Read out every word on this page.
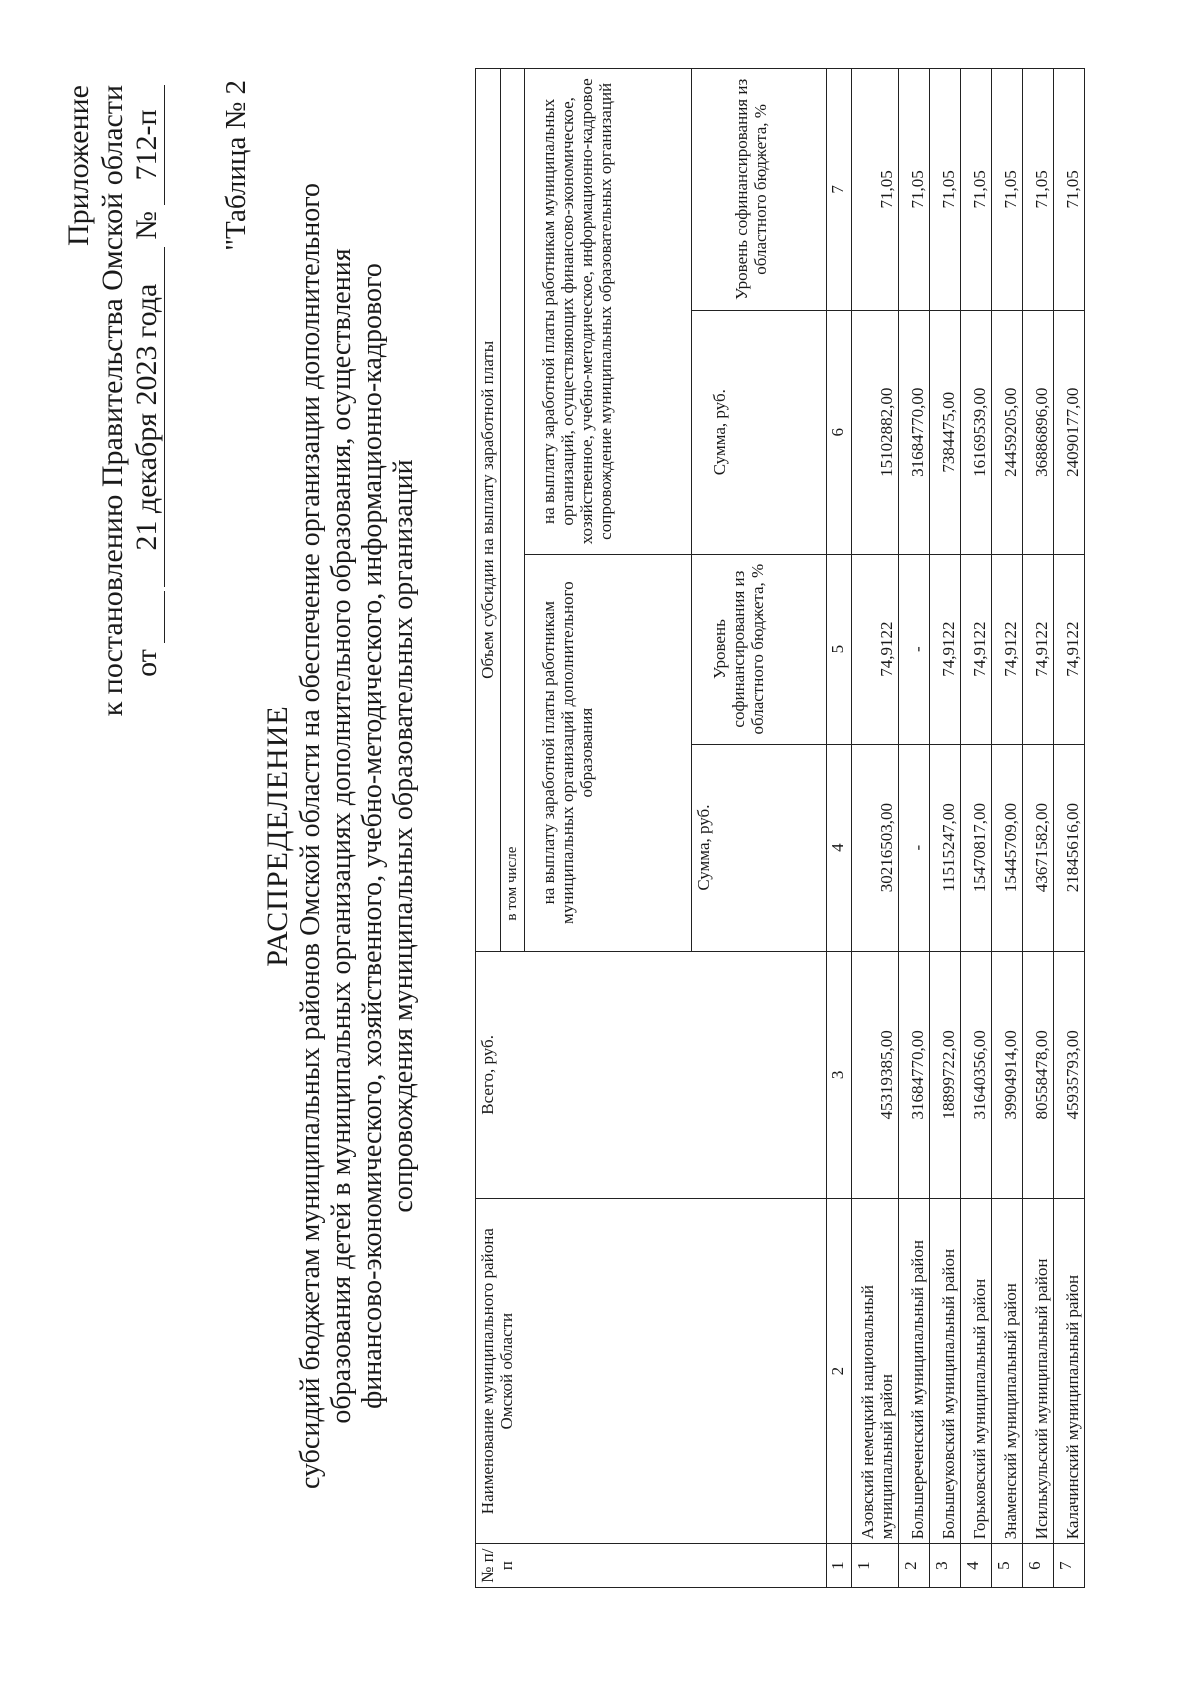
Приложение к постановлению Правительства Омской области от 21 декабря 2023 года №712-п "Таблица № 2
РАСПРЕДЕЛЕНИЕ субсидий бюджетам муниципальных районов Омской области на обеспечение организации дополнительного образования детей в муниципальных организациях дополнительного образования, осуществления финансово-экономического, хозяйственного, учебно-методического, информационно-кадрового сопровождения муниципальных образовательных организаций
№ п/п	Наименование муниципального района Омской области	Всего, руб.	Объем субсидии на выплату заработной платы			
			в том числе			
			на выплату заработной платы работникам муниципальных организаций дополнительного образования		на выплату заработной платы работникам муниципальных организаций, осуществляющих финансово-экономическое, хозяйственное, учебно-методическое, информационно-кадровое сопровождение муниципальных образовательных организаций	
			Сумма, руб.	Уровень софинансирования из областного бюджета, %	Сумма, руб.	Уровень софинансирования из областного бюджета, %
1	2	3	4	5	6	7
1	Азовский немецкий национальный муниципальный район	45319385,00	30216503,00	74,9122	15102882,00	71,05
2	Большереченский муниципальный район	31684770,00	-	-	31684770,00	71,05
3	Большеуковский муниципальный район	18899722,00	11515247,00	74,9122	7384475,00	71,05
4	Горьковский муниципальный район	31640356,00	15470817,00	74,9122	16169539,00	71,05
5	Знаменский муниципальный район	39904914,00	15445709,00	74,9122	24459205,00	71,05
6	Исилькульский муниципальный район	80558478,00	43671582,00	74,9122	36886896,00	71,05
7	Калачинский муниципальный район	45935793,00	21845616,00	74,9122	24090177,00	71,05
